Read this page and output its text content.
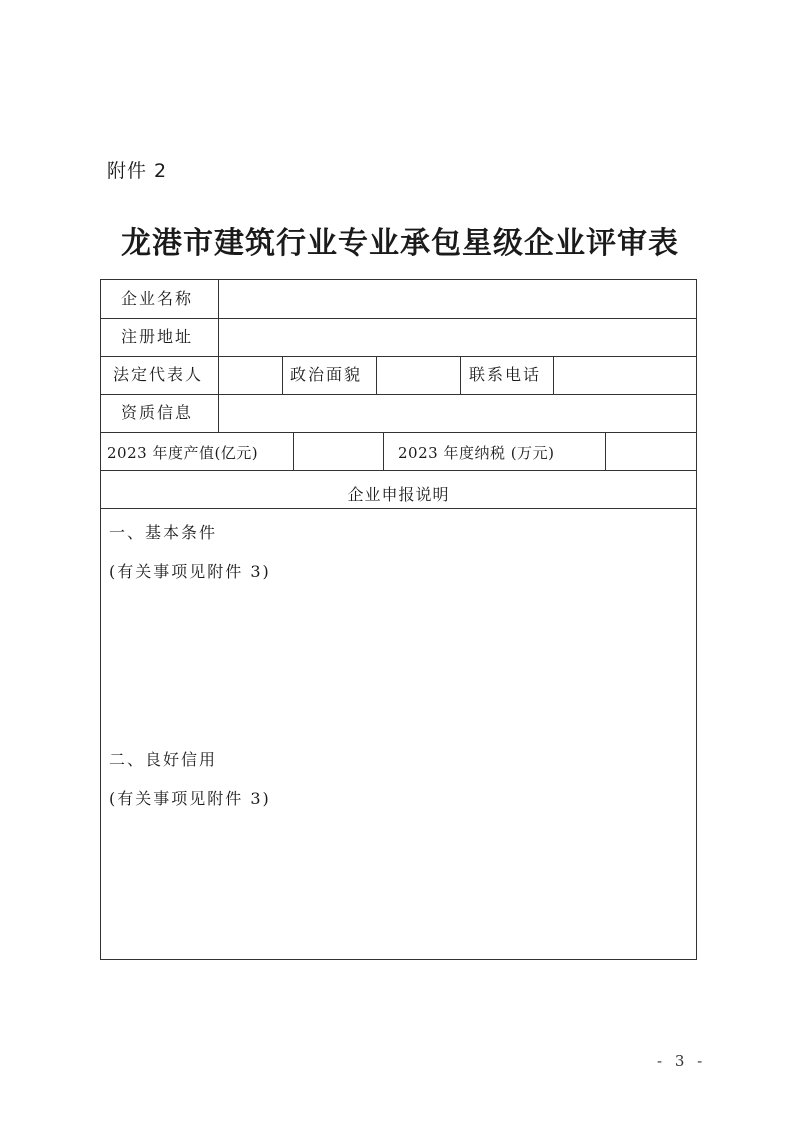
附件 2
龙港市建筑行业专业承包星级企业评审表
企业名称
注册地址
法定代表人	政治面貌	联系电话
资质信息
2023 年度产值(亿元)	2023 年度纳税 (万元)
企业申报说明
一、基本条件
(有关事项见附件 3)
二、良好信用
(有关事项见附件 3)
- 3 -
